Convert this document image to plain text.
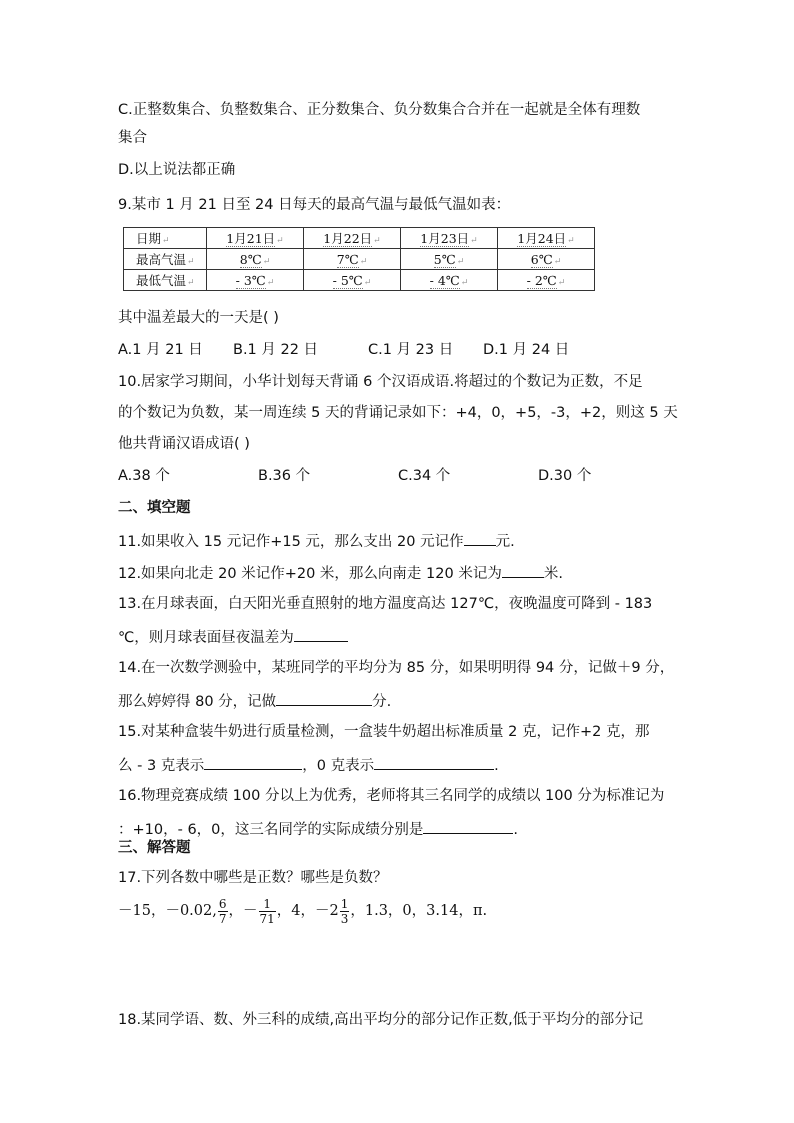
C.正整数集合、负整数集合、正分数集合、负分数集合合并在一起就是全体有理数
集合
D.以上说法都正确
9.某市 1 月 21 日至 24 日每天的最高气温与最低气温如表：
日期↵	1月21日↵	1月22日↵	1月23日↵	1月24日↵
最高气温↵	8℃↵	7℃↵	5℃↵	6℃↵
最低气温↵	- 3℃↵	- 5℃↵	- 4℃↵	- 2℃↵
其中温差最大的一天是( )
A.1 月 21 日 B.1 月 22 日	C.1 月 23 日 D.1 月 24 日
10.居家学习期间，小华计划每天背诵 6 个汉语成语.将超过的个数记为正数，不足
的个数记为负数，某一周连续 5 天的背诵记录如下：+4，0，+5，-3，+2，则这 5 天
他共背诵汉语成语( )
A.38 个	B.36 个	C.34 个	D.30 个
二、填空题
11.如果收入 15 元记作+15 元，那么支出 20 元记作 元.
12.如果向北走 20 米记作+20 米，那么向南走 120 米记为	米.
13.在月球表面，白天阳光垂直照射的地方温度高达 127℃，夜晚温度可降到 - 183
℃，则月球表面昼夜温差为
14.在一次数学测验中，某班同学的平均分为 85 分，如果明明得 94 分，记做＋9 分，
那么婷婷得 80 分，记做	分.
15.对某种盒装牛奶进行质量检测，一盒装牛奶超出标准质量 2 克，记作+2 克，那
么 - 3 克表示	，0 克表示	.
16.物理竞赛成绩 100 分以上为优秀，老师将其三名同学的成绩以 100 分为标准记为
：+10，- 6，0，这三名同学的实际成绩分别是	.
三、解答题
17.下列各数中哪些是正数？哪些是负数？
－15，－0.02, $\frac{6}{7}$ ，－ $\frac{1}{71}$ ，4，$-2 \frac{1}{3}$ ，1.3，0，3.14，π.
18.某同学语、数、外三科的成绩,高出平均分的部分记作正数,低于平均分的部分记
